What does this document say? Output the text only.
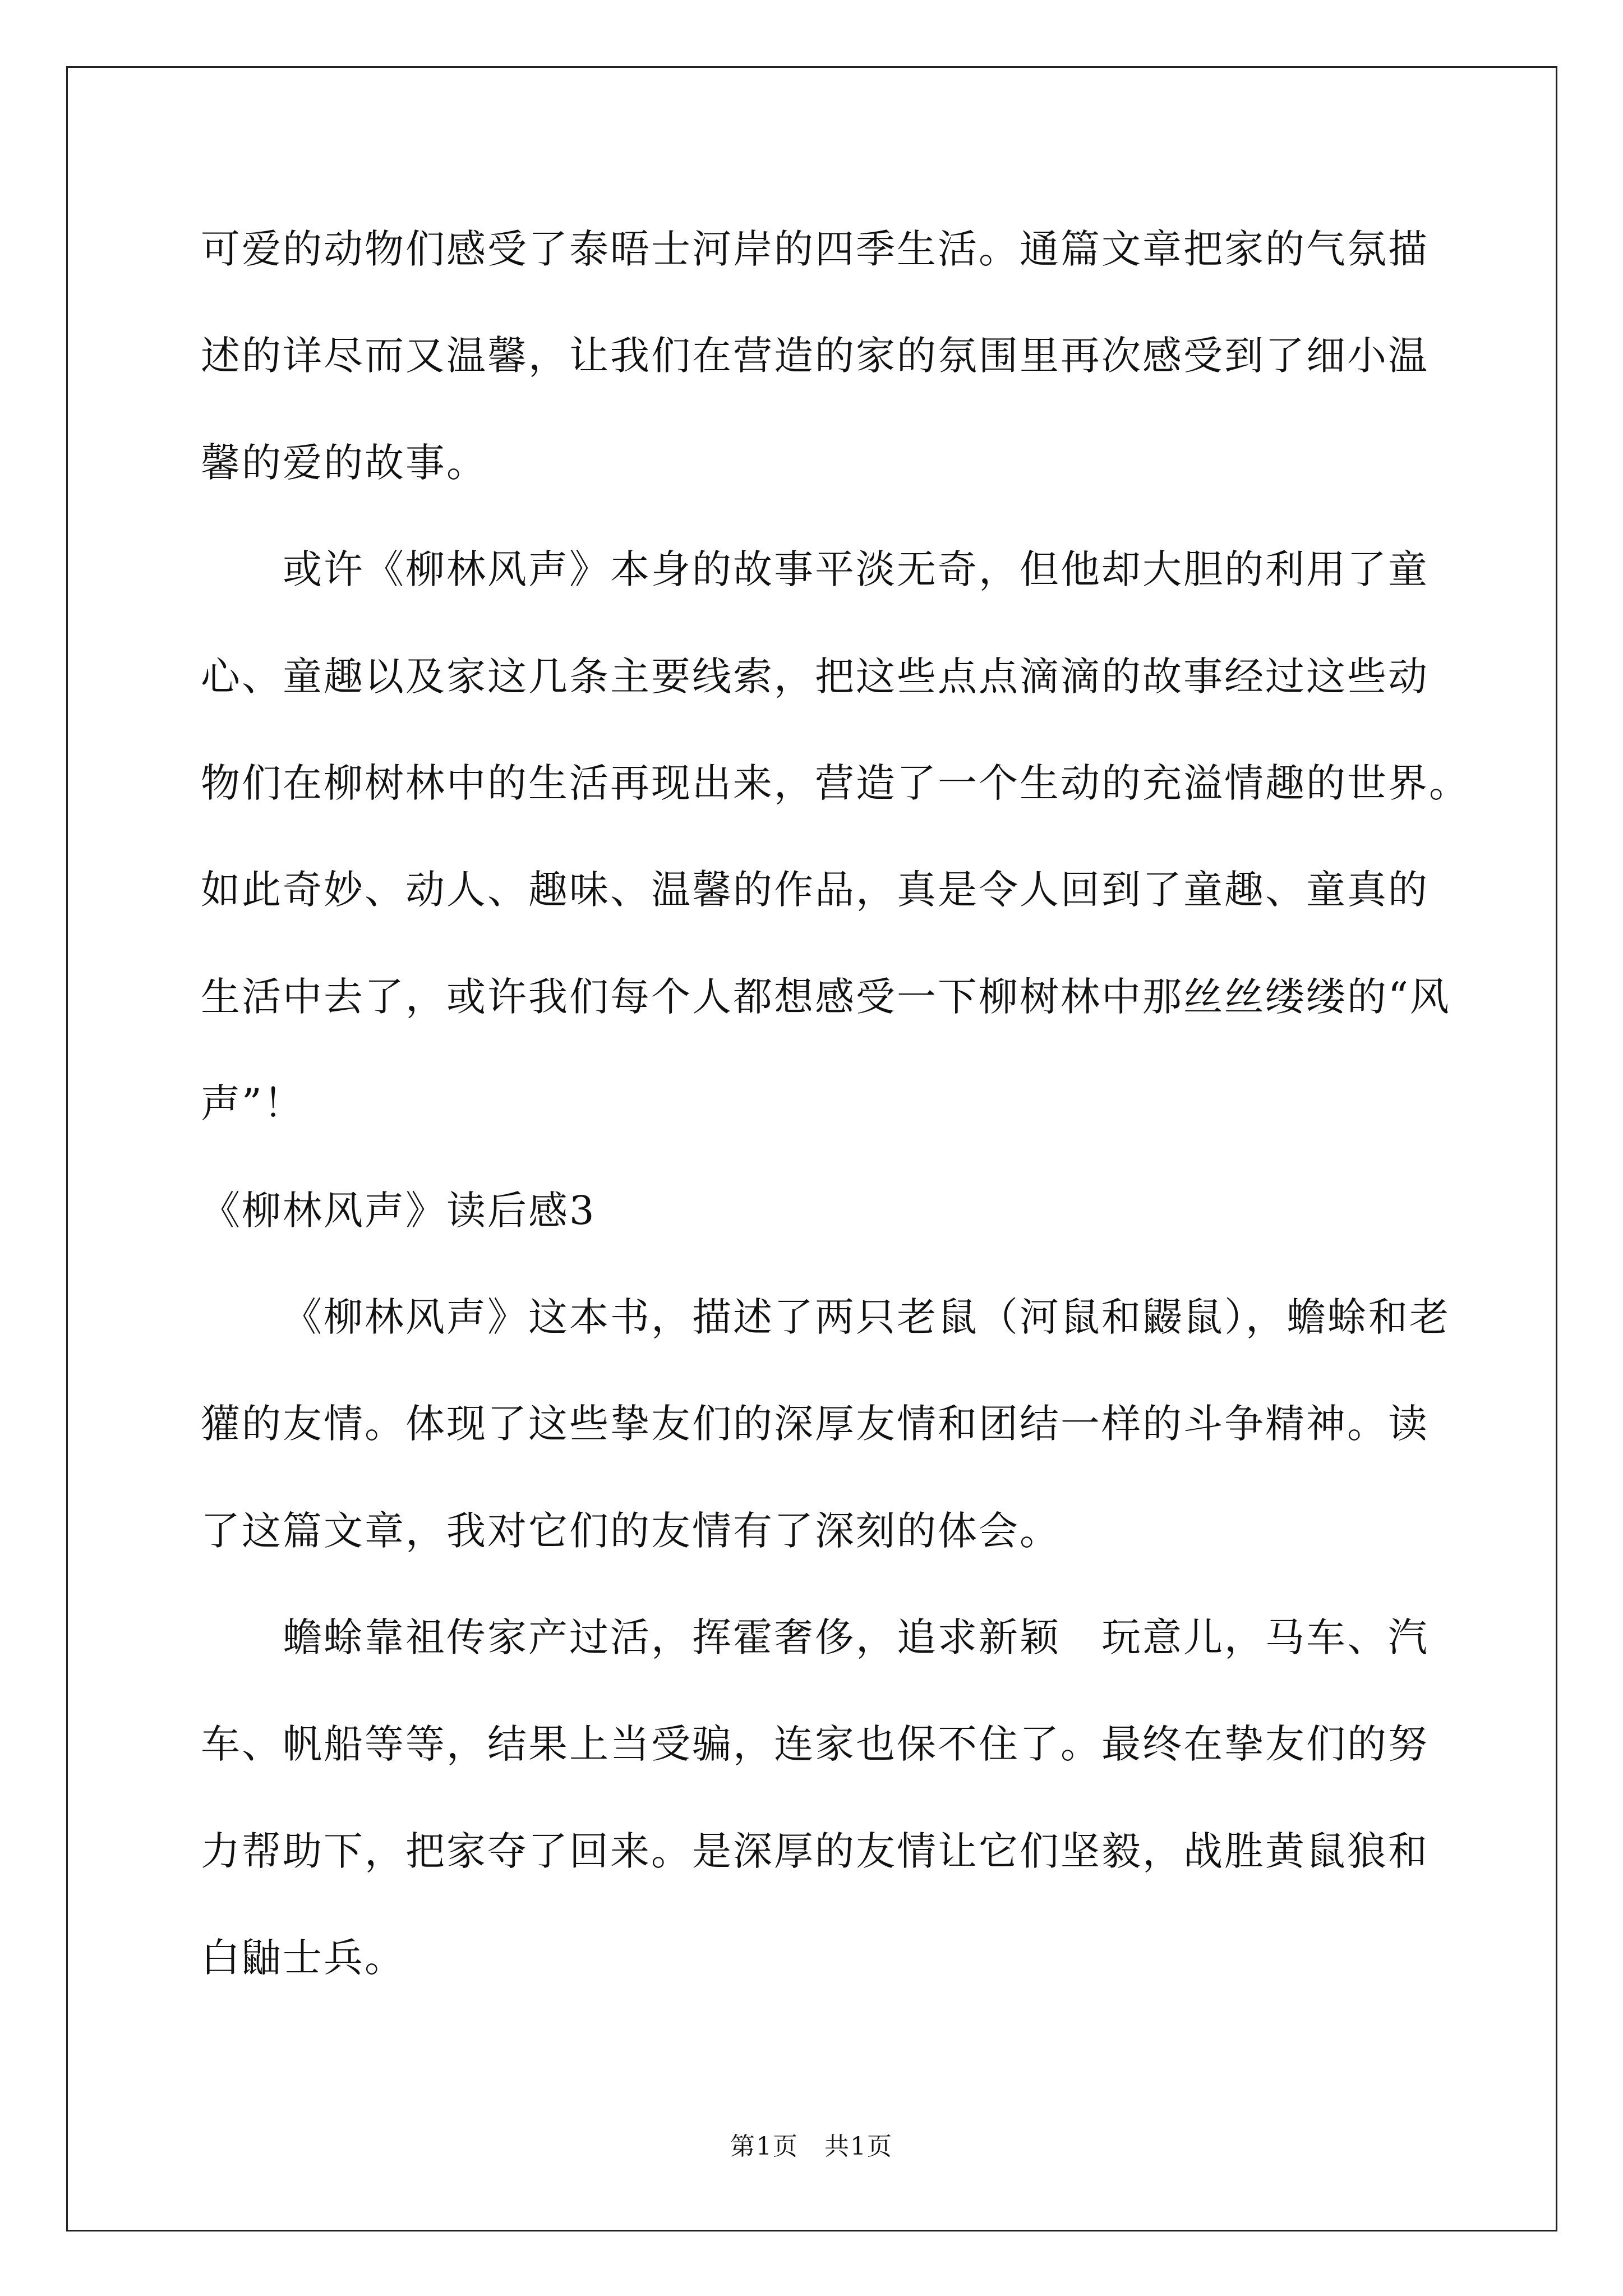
可爱的动物们感受了泰晤士河岸的四季生活。通篇文章把家的气氛描
述的详尽而又温馨，让我们在营造的家的氛围里再次感受到了细小温
馨的爱的故事。
或许《柳林风声》本身的故事平淡无奇，但他却大胆的利用了童
心、童趣以及家这几条主要线索，把这些点点滴滴的故事经过这些动
物们在柳树林中的生活再现出来，营造了一个生动的充溢情趣的世界。
如此奇妙、动人、趣味、温馨的作品，真是令人回到了童趣、童真的
生活中去了，或许我们每个人都想感受一下柳树林中那丝丝缕缕的“风
声”！
《柳林风声》读后感3
《柳林风声》这本书，描述了两只老鼠（河鼠和鼹鼠），蟾蜍和老
獾的友情。体现了这些挚友们的深厚友情和团结一样的斗争精神。读
了这篇文章，我对它们的友情有了深刻的体会。
蟾蜍靠祖传家产过活，挥霍奢侈，追求新颖　玩意儿，马车、汽
车、帆船等等，结果上当受骗，连家也保不住了。最终在挚友们的努
力帮助下，把家夺了回来。是深厚的友情让它们坚毅，战胜黄鼠狼和
白鼬士兵。
第1页　共1页
